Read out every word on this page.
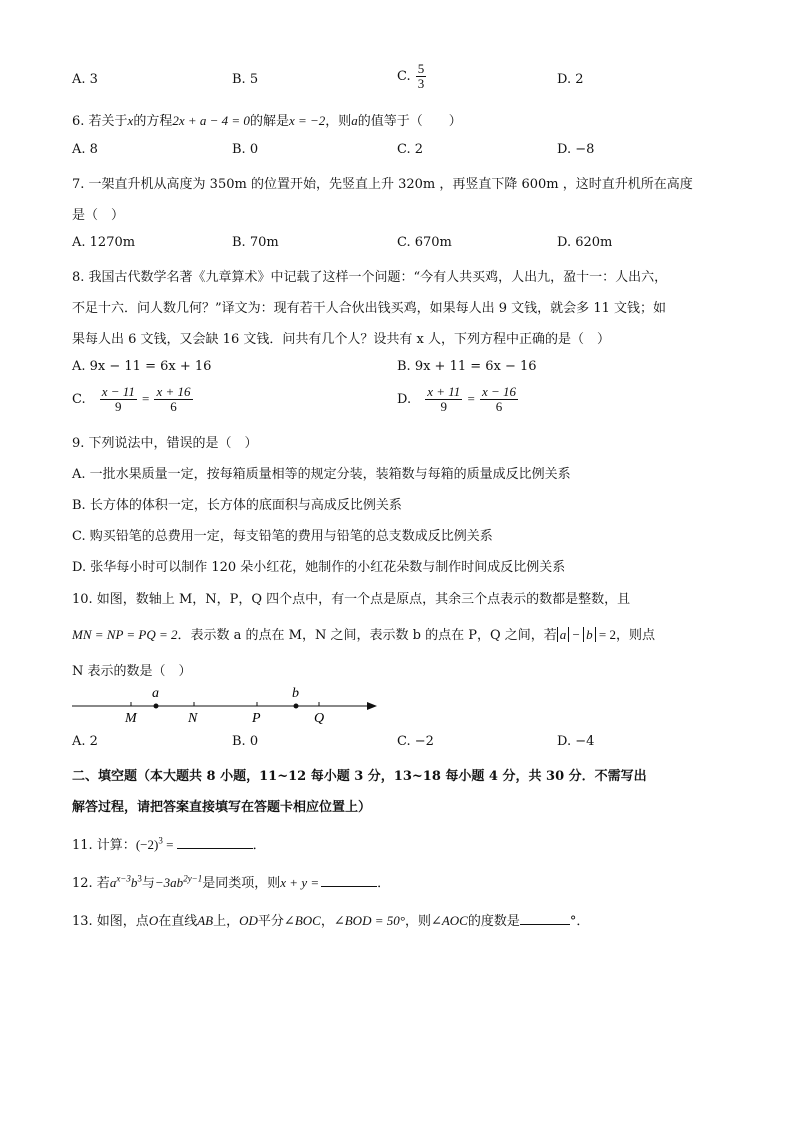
A. 3	B. 5	C. $\frac{5}{3}$	D. 2
6. 若关于x的方程2x + a − 4 = 0的解是x = −2，则a的值等于（　　）
A. 8	B. 0	C. 2	D. −8
7. 一架直升机从高度为 350m 的位置开始，先竖直上升 320m ，再竖直下降 600m ，这时直升机所在高度
是（　）
A. 1270m	B. 70m	C. 670m	D. 620m
8. 我国古代数学名著《九章算术》中记载了这样一个问题：“今有人共买鸡，人出九，盈十一：人出六，
不足十六．问人数几何？”译文为：现有若干人合伙出钱买鸡，如果每人出 9 文钱，就会多 11 文钱；如
果每人出 6 文钱，又会缺 16 文钱．问共有几个人？设共有 x 人，下列方程中正确的是（　）
A. 9x − 11 = 6x + 16	B. 9x + 11 = 6x − 16
C. $\frac{x - 11}{9} = \frac{x + 16}{6}$	D. $\frac{x + 11}{9} = \frac{x - 16}{6}$
9. 下列说法中，错误的是（　）
A. 一批水果质量一定，按每箱质量相等的规定分装，装箱数与每箱的质量成反比例关系
B. 长方体的体积一定，长方体的底面积与高成反比例关系
C. 购买铅笔的总费用一定，每支铅笔的费用与铅笔的总支数成反比例关系
D. 张华每小时可以制作 120 朵小红花，她制作的小红花朵数与制作时间成反比例关系
10. 如图，数轴上 M，N，P，Q 四个点中，有一个点是原点，其余三个点表示的数都是整数，且
MN = NP = PQ = 2．表示数 a 的点在 M，N 之间，表示数 b 的点在 P，Q 之间，若 a − b = 2，则点
N 表示的数是（　）
a	b
M	N	P	Q
A. 2	B. 0	C. −2	D. −4
二、填空题（本大题共 8 小题，11~12 每小题 3 分，13~18 每小题 4 分，共 30 分．不需写出
解答过程，请把答案直接填写在答题卡相应位置上）
11. 计算：$(-2)^3$ =	．
12. 若$a^{x-3}b^3$与$-3ab^{2y-1}$是同类项，则x + y =	．
13. 如图，点O在直线AB上，OD平分∠BOC，∠BOD = 50°，则∠AOC的度数是	°．
